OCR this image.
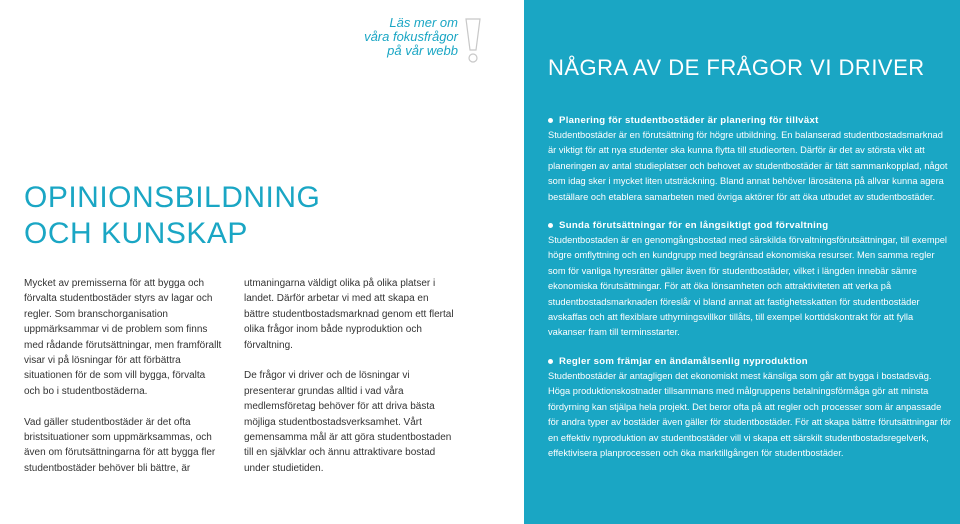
Läs mer om
våra fokusfrågor
på vår webb
OPINIONSBILDNING
OCH KUNSKAP

Mycket av premisserna för att bygga och förvalta studentbostäder styrs av lagar och regler. Som branschorganisation uppmärksammar vi de problem som finns med rådande förutsättningar, men framförallt visar vi på lösningar för att förbättra situationen för de som vill bygga, förvalta och bo i studentbostäderna.

Vad gäller studentbostäder är det ofta bristsituationer som uppmärksammas, och även om förutsättningarna för att bygga fler studentbostäder behöver bli bättre, är

utmaningarna väldigt olika på olika platser i landet. Därför arbetar vi med att skapa en bättre studentbostadsmarknad genom ett flertal olika frågor inom både nyproduktion och förvaltning.

De frågor vi driver och de lösningar vi presenterar grundas alltid i vad våra medlemsföretag behöver för att driva bästa möjliga studentbostadsverksamhet. Vårt gemensamma mål är att göra studentbostaden till en självklar och ännu attraktivare bostad under studietiden.

NÅGRA AV DE FRÅGOR VI DRIVER
Planering för studentbostäder är planering för tillväxt
Studentbostäder är en förutsättning för högre utbildning. En balanserad studentbostadsmarknad är viktigt för att nya studenter ska kunna flytta till studieorten. Därför är det av största vikt att planeringen av antal studieplatser och behovet av studentbostäder är tätt sammankopplad, något som idag sker i mycket liten utsträckning. Bland annat behöver lärosätena på allvar kunna agera beställare och etablera samarbeten med övriga aktörer för att öka utbudet av studentbostäder.
Sunda förutsättningar för en långsiktigt god förvaltning
Studentbostaden är en genomgångsbostad med särskilda förvaltningsförutsättningar, till exempel högre omflyttning och en kundgrupp med begränsad ekonomiska resurser. Men samma regler som för vanliga hyresrätter gäller även för studentbostäder, vilket i längden innebär sämre ekonomiska förutsättningar. För att öka lönsamheten och attraktiviteten att verka på studentbostadsmarknaden föreslår vi bland annat att fastighetsskatten för studentbostäder avskaffas och att flexiblare uthyrningsvillkor tillåts, till exempel korttidskontrakt för att fylla vakanser fram till terminsstarter.
Regler som främjar en ändamålsenlig nyproduktion
Studentbostäder är antagligen det ekonomiskt mest känsliga som går att bygga i bostadsväg. Höga produktionskostnader tillsammans med målgruppens betalningsförmåga gör att minsta fördyrning kan stjälpa hela projekt. Det beror ofta på att regler och processer som är anpassade för andra typer av bostäder även gäller för studentbostäder. För att skapa bättre förutsättningar för en effektiv nyproduktion av studentbostäder vill vi skapa ett särskilt studentbostadsregelverk, effektivisera planprocessen och öka marktillgången för studentbostäder.
